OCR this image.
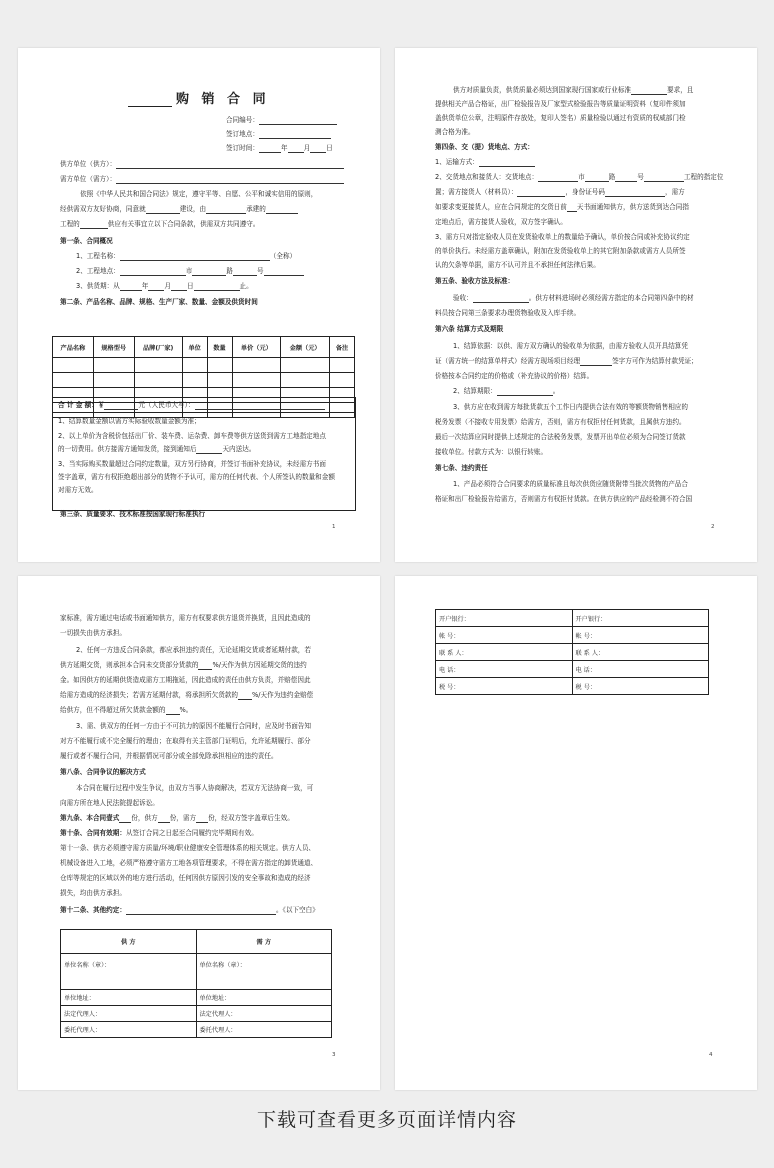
购 销 合 同
合同编号：
签订地点：
签订时间：	年 月 日
供方单位（供方）：
需方单位（需方）：
依照《中华人民共和国合同法》规定，遵守平等、自愿、公平和诚实信用的原则，
经供需双方友好协商，同意就	建设，由	承建的
工程的	供应有关事宜立以下合同条款，供需双方共同遵守。
第一条、合同概况
1、工程名称：	（全称）
2、工程地点：	市	路	号
3、供货期：从	年 月 日	止。
第二条、产品名称、品牌、规格、生产厂家、数量、金额及供货时间
产品名称	规格型号	品牌(厂家)	单位	数量	单价（元）	金额（元）	备注

合 计 金 额：￥	元（人民币大写）：
1、结算数量金额以需方实际验收数量金额为准；
2、以上单价为含税价包括出厂价、装车费、运杂费、卸车费等供方送货到需方工地指定地点
的一切费用。供方接需方通知发货，接到通知后	天内送达。
3、当实际购买数量超过合同约定数量，双方另行协商，并签订书面补充协议，未经需方书面
签字盖章，需方有权拒绝超出部分的货物不予认可，需方的任何代表、个人所签认的数量和金额
对需方无效。
第三条、质量要求、技术标准按国家现行标准执行
1
供方对质量负责，供货质量必须达到国家现行国家或行业标准	要求，且
提供相关产品合格证，出厂检验报告及厂家型式检验报告等质量证明资料（复印件须加
盖供货单位公章，注明原件存放处，复印人签名）质量检验以通过有资质的权威部门检
测合格为准。
第四条、交（提）货地点、方式：
1、运输方式：
2、交货地点和接货人：交货地点：	市	路	号	工程的指定位
置；需方接货人（材料员）：	，身份证号码	，需方
如要求变更接货人，应在合同规定的交货日前 天书面通知供方，供方送货到达合同指
定地点后，需方接货人验收，双方签字确认。
3、需方只对指定验收人员在发货验收单上的数量给予确认，单价按合同或补充协议约定
的单价执行。未经需方盖章确认，附加在发货验收单上的其它附加条款或需方人员所签
认的欠条等单据，需方不认可并且不承担任何法律后果。
第五条、验收方法及标准：
验收：	。供方材料进场时必须经需方指定的本合同第四条中的材
料员按合同第三条要求办理货物验收及入库手续。
第六条 结算方式及期限
1、结算依据：以供、需方双方确认的验收单为依据，由需方验收人员开具结算凭
证（需方统一的结算单样式）经需方现场项目经理	签字方可作为结算付款凭证；
价格按本合同约定的价格或（补充协议的价格）结算。
2、结算期限：	。
3、供方应在收到需方每批货款五个工作日内提供合法有效的等额货物销售相应的
税务发票（不接收专用发票）给需方，否则，需方有权拒付任何货款，且属供方违约。
最后一次结算应同时提供上述规定的合法税务发票，发票开出单位必须为合同签订货款
接收单位。付款方式为：以银行转账。
第七条、违约责任
1、产品必须符合合同要求的质量标准且每次供货应随货附带当批次货物的产品合
格证和出厂检验报告给需方，否则需方有权拒付货款。在供方供应的产品经检测不符合国
2
家标准，需方通过电话或书面通知供方，需方有权要求供方退货并换货，且因此造成的
一切损失由供方承担。
2、任何一方违反合同条款，都应承担违约责任，无论延期交货或者延期付款，若
供方延期交货，则承担本合同未交货部分货款的 %/天作为供方因延期交货的违约
金。如因供方的延期供货造成需方工期拖延，因此造成的责任由供方负责，并赔偿因此
给需方造成的经济损失；若需方延期付款，将承担所欠货款的 %/天作为违约金赔偿
给供方，但不得超过所欠货款金额的 %。
3、需、供双方的任何一方由于不可抗力的原因不能履行合同时，应及时书面告知
对方不能履行或不完全履行的理由；在取得有关主管部门证明后，允许延期履行、部分
履行或者不履行合同，并根据情况可部分或全部免除承担相应的违约责任。
第八条、合同争议的解决方式
本合同在履行过程中发生争议，由双方当事人协商解决，若双方无法协商一致，可
向需方所在地人民法院提起诉讼。
第九条、本合同壹式 份，供方 份，需方 份，经双方签字盖章后生效。
第十条、合同有效期：从签订合同之日起至合同履约完毕期间有效。
第十一条、供方必须遵守需方质量/环境/职业健康安全管理体系的相关规定。供方人员、
机械设备进入工地，必须严格遵守需方工地各项管理要求，不得在需方指定的卸货通道、
仓库等规定的区域以外的地方进行活动，任何因供方原因引发的安全事故和造成的经济
损失，均由供方承担。
第十二条、其他约定：	。《以下空白》
供 方	需 方
单位名称（章）：	单位名称（章）：
单位地址：	单位地址：
法定代理人：	法定代理人：
委托代理人：	委托代理人：
3
开户银行：	开户银行：
帐 号：	帐 号：
联 系 人：	联 系 人：
电 话：	电 话：
税 号：	税 号：
4
下载可查看更多页面详情内容
